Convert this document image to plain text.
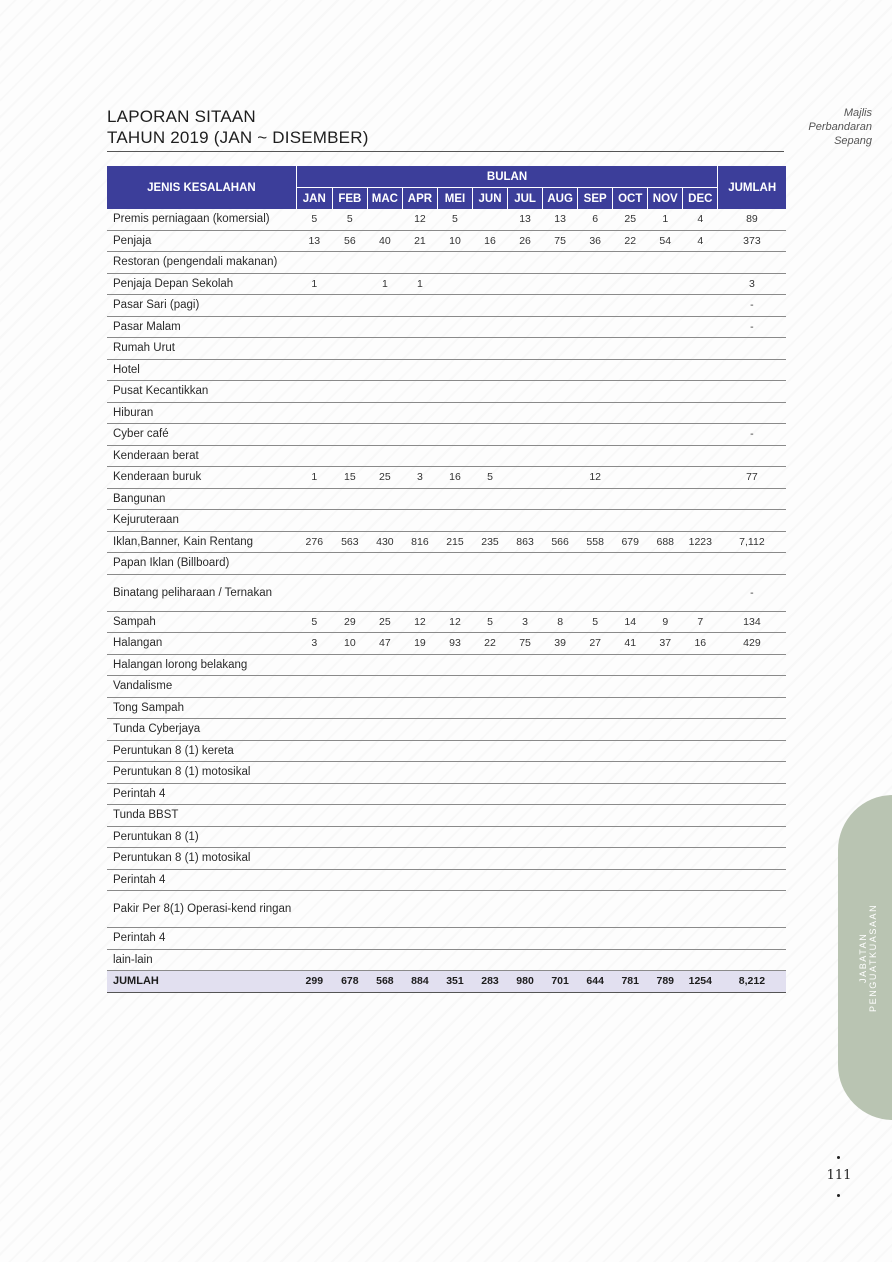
LAPORAN SITAAN
TAHUN 2019 (JAN ~ DISEMBER)
Majlis
Perbandaran
Sepang
JENIS KESALAHAN	BULAN												JUMLAH
	JAN	FEB	MAC	APR	MEI	JUN	JUL	AUG	SEP	OCT	NOV	DEC	
Premis perniagaan (komersial)	5	5		12	5		13	13	6	25	1	4	89
Penjaja	13	56	40	21	10	16	26	75	36	22	54	4	373
Restoran (pengendali makanan)													
Penjaja Depan Sekolah	1		1	1									3
Pasar Sari (pagi)													-
Pasar Malam													-
Rumah Urut													
Hotel													
Pusat Kecantikkan													
Hiburan													
Cyber café													-
Kenderaan berat													
Kenderaan buruk	1	15	25	3	16	5			12				77
Bangunan													
Kejuruteraan													
Iklan,Banner, Kain Rentang	276	563	430	816	215	235	863	566	558	679	688	1223	7,112
Papan Iklan (Billboard)													
Binatang peliharaan / Ternakan													-
Sampah	5	29	25	12	12	5	3	8	5	14	9	7	134
Halangan	3	10	47	19	93	22	75	39	27	41	37	16	429
Halangan lorong belakang													
Vandalisme													
Tong Sampah													
Tunda Cyberjaya													
Peruntukan 8 (1) kereta													
Peruntukan 8 (1) motosikal													
Perintah 4													
Tunda BBST													
Peruntukan 8 (1)													
Peruntukan 8 (1) motosikal													
Perintah 4													
Pakir Per 8(1) Operasi-kend ringan													
Perintah 4													
lain-lain													
JUMLAH	299	678	568	884	351	283	980	701	644	781	789	1254	8,212	JABATAN PENGUATKUASAAN
111
